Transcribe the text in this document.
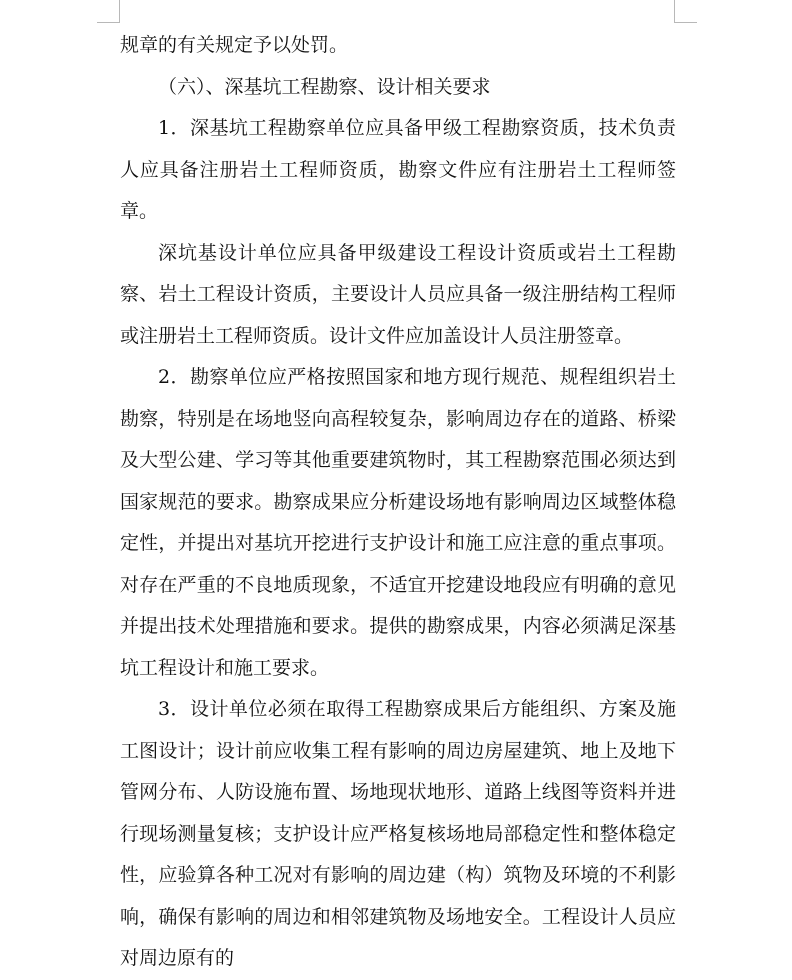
规章的有关规定予以处罚。

（六）、深基坑工程勘察、设计相关要求

1．深基坑工程勘察单位应具备甲级工程勘察资质，技术负责人应具备注册岩土工程师资质，勘察文件应有注册岩土工程师签章。

深坑基设计单位应具备甲级建设工程设计资质或岩土工程勘察、岩土工程设计资质，主要设计人员应具备一级注册结构工程师或注册岩土工程师资质。设计文件应加盖设计人员注册签章。

2．勘察单位应严格按照国家和地方现行规范、规程组织岩土勘察，特别是在场地竖向高程较复杂，影响周边存在的道路、桥梁及大型公建、学习等其他重要建筑物时，其工程勘察范围必须达到国家规范的要求。勘察成果应分析建设场地有影响周边区域整体稳定性，并提出对基坑开挖进行支护设计和施工应注意的重点事项。对存在严重的不良地质现象，不适宜开挖建设地段应有明确的意见并提出技术处理措施和要求。提供的勘察成果，内容必须满足深基坑工程设计和施工要求。

3．设计单位必须在取得工程勘察成果后方能组织、方案及施工图设计；设计前应收集工程有影响的周边房屋建筑、地上及地下管网分布、人防设施布置、场地现状地形、道路上线图等资料并进行现场测量复核；支护设计应严格复核场地局部稳定性和整体稳定性，应验算各种工况对有影响的周边建（构）筑物及环境的不利影响，确保有影响的周边和相邻建筑物及场地安全。工程设计人员应对周边原有的
